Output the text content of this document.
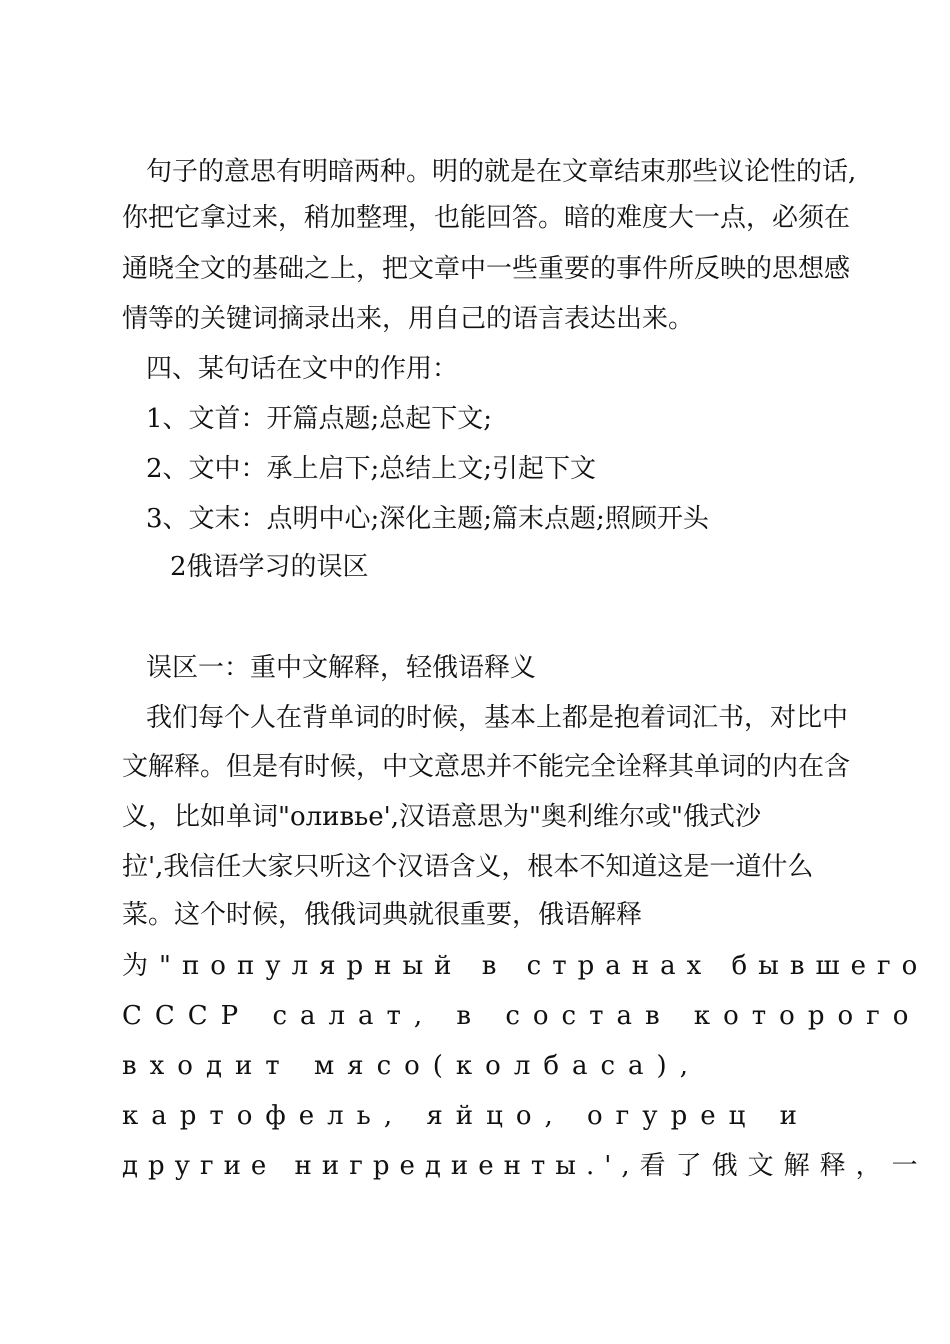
句子的意思有明暗两种。明的就是在文章结束那些议论性的话,
你把它拿过来，稍加整理，也能回答。暗的难度大一点，必须在
通晓全文的基础之上，把文章中一些重要的事件所反映的思想感
情等的关键词摘录出来，用自己的语言表达出来。
四、某句话在文中的作用：
1、文首：开篇点题;总起下文;
2、文中：承上启下;总结上文;引起下文
3、文末：点明中心;深化主题;篇末点题;照顾开头
2俄语学习的误区
误区一：重中文解释，轻俄语释义
我们每个人在背单词的时候，基本上都是抱着词汇书，对比中
文解释。但是有时候，中文意思并不能完全诠释其单词的内在含
义，比如单词"оливье',汉语意思为"奥利维尔或"俄式沙
拉',我信任大家只听这个汉语含义，根本不知道这是一道什么
菜。这个时候，俄俄词典就很重要，俄语解释
为"популярный в странах бывшего
СССР салат, в состав которого
входит мясо(колбаса),
картофель, яйцо, огурец и
другие нигредиенты.',看了俄文解释，一
